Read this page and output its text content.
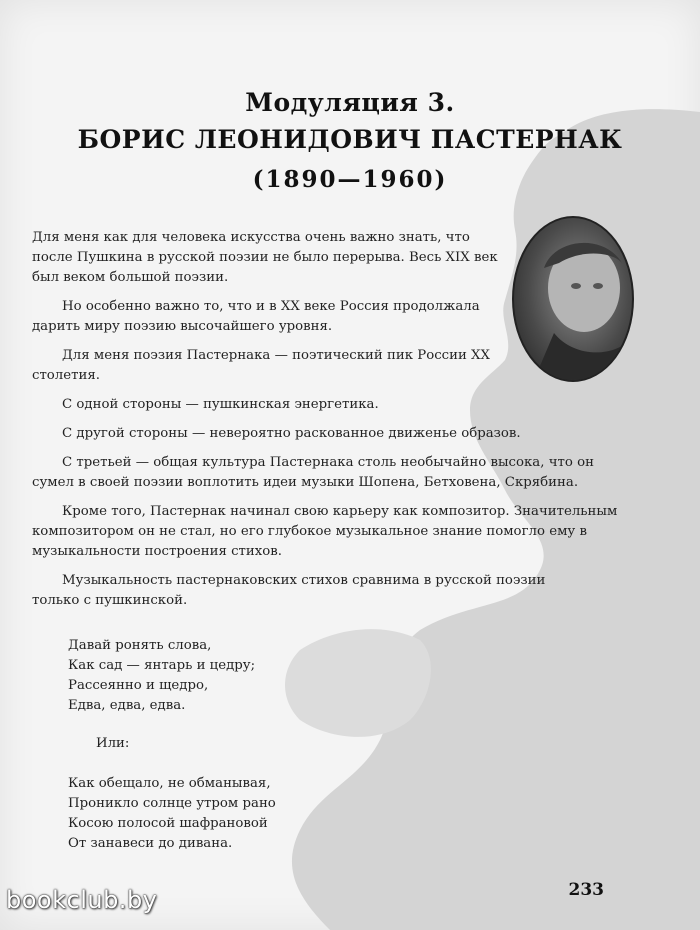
Модуляция 3.
БОРИС ЛЕОНИДОВИЧ ПАСТЕРНАК
(1890—1960)

Для меня как для человека искусства очень важно знать, что после Пушкина в русской поэзии не было перерыва. Весь XIX век был веком большой поэзии.

Но особенно важно то, что и в XX веке Россия продолжала дарить миру поэзию высочайшего уровня.

Для меня поэзия Пастернака — поэтический пик России XX столетия.

С одной стороны — пушкинская энергетика.

С другой стороны — невероятно раскованное движенье образов.

С третьей — общая культура Пастернака столь необычайно высока, что он сумел в своей поэзии воплотить идеи музыки Шопена, Бетховена, Скрябина.

Кроме того, Пастернак начинал свою карьеру как композитор. Значительным композитором он не стал, но его глубокое музыкальное знание помогло ему в музыкальности построения стихов.

Музыкальность пастернаковских стихов сравнима в русской поэзии только с пушкинской.

Давай ронять слова,
Как сад — янтарь и цедру;
Рассеянно и щедро,
Едва, едва, едва.
Или:
Как обещало, не обманывая,
Проникло солнце утром рано
Косою полосой шафрановой
От занавеси до дивана.
233
bookclub.by
